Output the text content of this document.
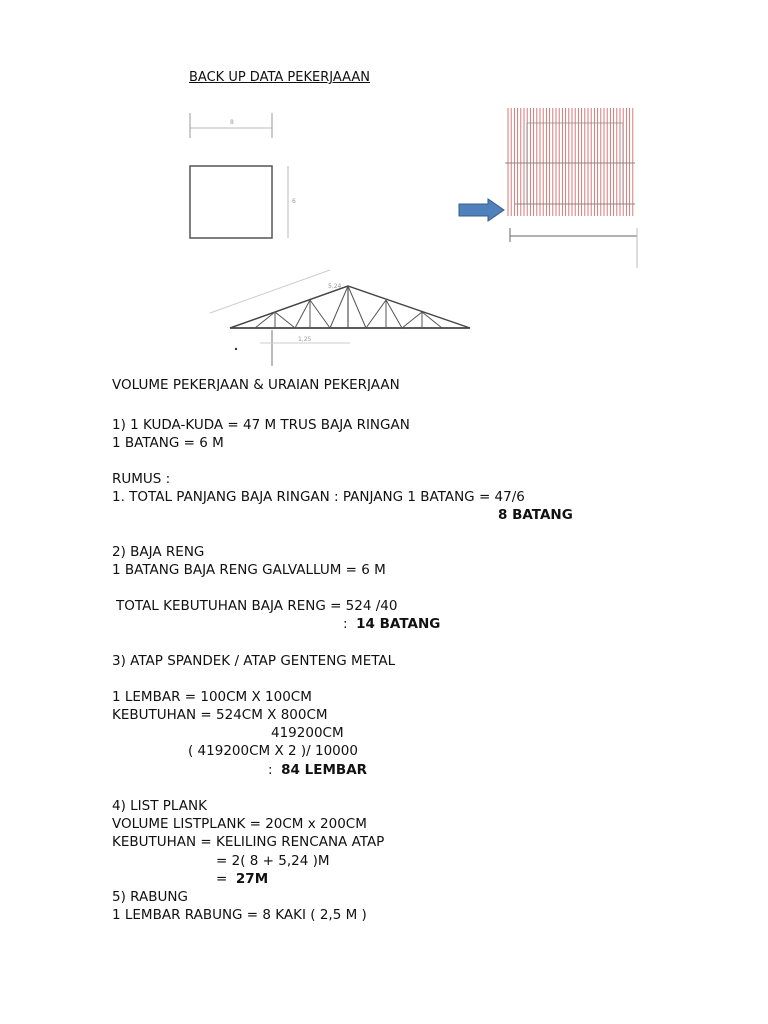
BACK UP DATA PEKERJAAAN
8
6
1,25
5,24
VOLUME PEKERJAAN & URAIAN PEKERJAAN
1) 1 KUDA-KUDA = 47 M TRUS BAJA RINGAN
1 BATANG = 6 M
RUMUS :
1. TOTAL PANJANG BAJA RINGAN : PANJANG 1 BATANG = 47/6
8 BATANG
2) BAJA RENG
1 BATANG BAJA RENG GALVALLUM = 6 M
TOTAL KEBUTUHAN BAJA RENG = 524 /40
: 14 BATANG
3) ATAP SPANDEK / ATAP GENTENG METAL
1 LEMBAR = 100CM X 100CM
KEBUTUHAN = 524CM X 800CM
419200CM
( 419200CM X 2 )/ 10000
: 84 LEMBAR
4) LIST PLANK
VOLUME LISTPLANK = 20CM x 200CM
KEBUTUHAN = KELILING RENCANA ATAP
= 2( 8 + 5,24 )M
= 27M
5) RABUNG
1 LEMBAR RABUNG = 8 KAKI ( 2,5 M )
